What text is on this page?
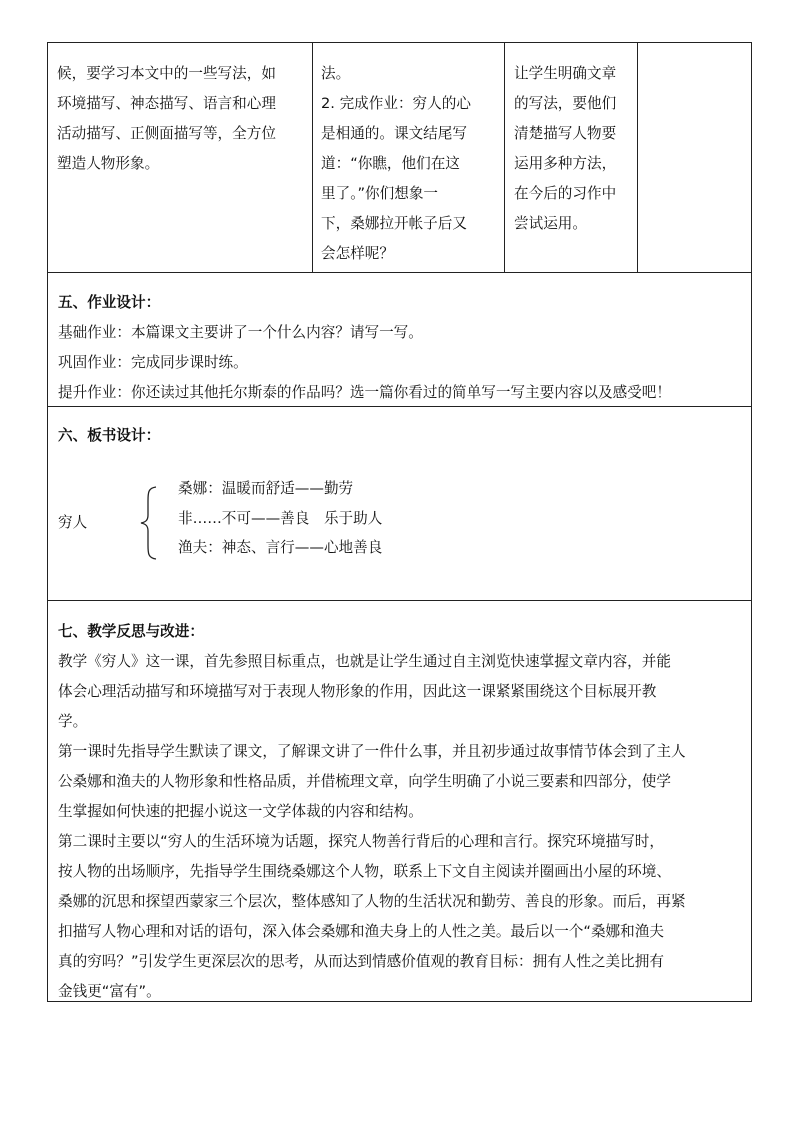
候，要学习本文中的一些写法，如

环境描写、神态描写、语言和心理

活动描写、正侧面描写等，全方位

塑造人物形象。

法。

2. 完成作业：穷人的心

是相通的。课文结尾写

道：“你瞧，他们在这

里了。”你们想象一

下，桑娜拉开帐子后又

会怎样呢？

让学生明确文章

的写法，要他们

清楚描写人物要

运用多种方法，

在今后的习作中

尝试运用。

五、作业设计：

基础作业：本篇课文主要讲了一个什么内容？请写一写。

巩固作业：完成同步课时练。

提升作业：你还读过其他托尔斯泰的作品吗？选一篇你看过的简单写一写主要内容以及感受吧！

六、板书设计：

穷人
桑娜：温暖而舒适——勤劳
非……不可——善良　乐于助人
渔夫：神态、言行——心地善良

七、教学反思与改进：

教学《穷人》这一课，首先参照目标重点，也就是让学生通过自主浏览快速掌握文章内容，并能

体会心理活动描写和环境描写对于表现人物形象的作用，因此这一课紧紧围绕这个目标展开教

学。

第一课时先指导学生默读了课文，了解课文讲了一件什么事，并且初步通过故事情节体会到了主人

公桑娜和渔夫的人物形象和性格品质，并借梳理文章，向学生明确了小说三要素和四部分，使学

生掌握如何快速的把握小说这一文学体裁的内容和结构。

第二课时主要以“穷人的生活环境为话题，探究人物善行背后的心理和言行。探究环境描写时，

按人物的出场顺序，先指导学生围绕桑娜这个人物，联系上下文自主阅读并圈画出小屋的环境、

桑娜的沉思和探望西蒙家三个层次，整体感知了人物的生活状况和勤劳、善良的形象。而后，再紧

扣描写人物心理和对话的语句，深入体会桑娜和渔夫身上的人性之美。最后以一个“桑娜和渔夫

真的穷吗？”引发学生更深层次的思考，从而达到情感价值观的教育目标：拥有人性之美比拥有

金钱更“富有”。
